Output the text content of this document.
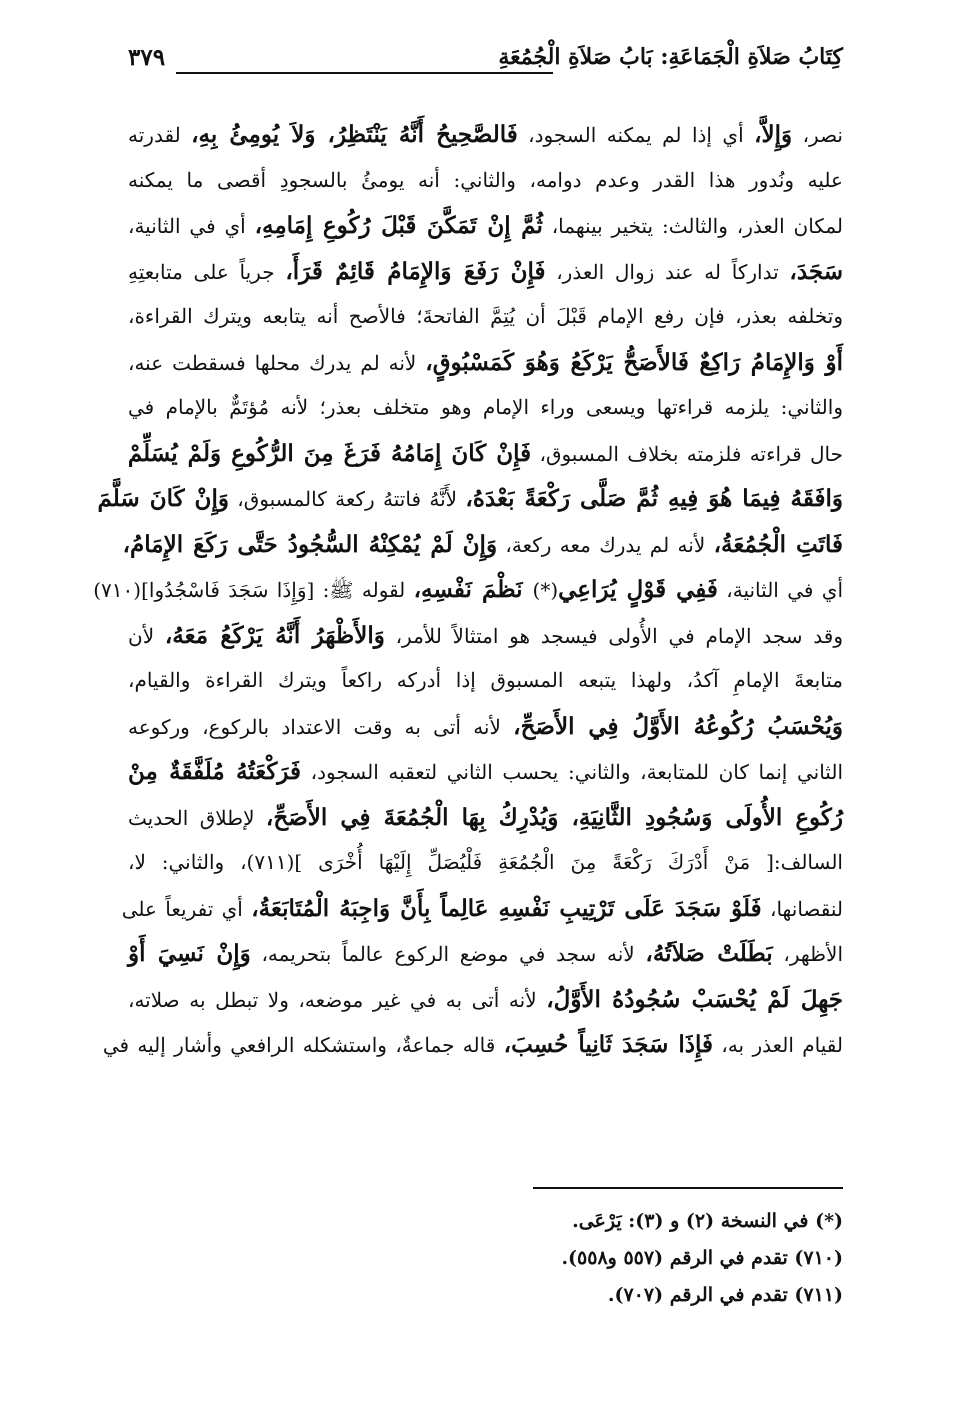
كِتَابُ صَلاَةِ الْجَمَاعَةِ: بَابُ صَلاَةِ الْجُمُعَةِ
٣٧٩
نصر، وَإِلاَّ، أي إذا لم يمكنه السجود، فَالصَّحِيحُ أَنَّهُ يَنْتَظِرُ، وَلاَ يُومِئُ بِهِ، لقدرته
عليه ونُدور هذا القدر وعدم دوامه، والثاني: أنه يومئُ بالسجودِ أقصى ما يمكنه
لمكان العذر، والثالث: يتخير بينهما، ثُمَّ إِنْ تَمَكَّنَ قَبْلَ رُكُوعِ إِمَامِهِ، أي في الثانية،
سَجَدَ، تداركاً له عند زوال العذر، فَإِنْ رَفَعَ وَالإِمَامُ قَائِمٌ قَرَأَ، جرياً على متابعتِهِ
وتخلفه بعذر، فإن رفع الإمام قَبْلَ أن يُتِمَّ الفاتحةَ؛ فالأصح أنه يتابعه ويترك القراءة،
أَوْ وَالإِمَامُ رَاكِعٌ فَالأَصَحُّ يَرْكَعُ وَهُوَ كَمَسْبُوقٍ، لأنه لم يدرك محلها فسقطت عنه،
والثاني: يلزمه قراءتها ويسعى وراء الإمام وهو متخلف بعذر؛ لأنه مُؤتَمٌّ بالإمام في
حال قراءته فلزمته بخلاف المسبوق، فَإِنْ كَانَ إِمَامُهُ فَرَغَ مِنَ الرُّكُوعِ وَلَمْ يُسَلِّمْ
وَافَقَهُ فِيمَا هُوَ فِيهِ ثُمَّ صَلَّى رَكْعَةً بَعْدَهُ، لأَنَّهُ فاتتهُ ركعة كالمسبوق، وَإِنْ كَانَ سَلَّمَ
فَاتَتِ الْجُمُعَةُ، لأنه لم يدرك معه ركعة، وَإِنْ لَمْ يُمْكِنْهُ السُّجُودُ حَتَّى رَكَعَ الإِمَامُ،
أي في الثانية، فَفِي قَوْلٍ يُرَاعِي(*) نَظْمَ نَفْسِهِ، لقوله ﷺ: [وَإِذَا سَجَدَ فَاسْجُدُوا](٧١٠)
وقد سجد الإمام في الأُولى فيسجد هو امتثالاً للأمر، وَالأَظْهَرُ أَنَّهُ يَرْكَعُ مَعَهُ، لأن
متابعةَ الإمامِ آكدُ، ولهذا يتبعه المسبوق إذا أدركه راكعاً ويترك القراءة والقيام،
وَيُحْسَبُ رُكُوعُهُ الأَوَّلُ فِي الأَصَحِّ، لأنه أتى به وقت الاعتداد بالركوع، وركوعه
الثاني إنما كان للمتابعة، والثاني: يحسب الثاني لتعقبه السجود، فَرَكْعَتُهُ مُلَفَّقَةٌ مِنْ
رُكُوعِ الأُولَى وَسُجُودِ الثَّانِيَةِ، وَيُدْرِكُ بِهَا الْجُمُعَةَ فِي الأَصَحِّ، لإطلاق الحديث
السالف:[ مَنْ أَدْرَكَ رَكْعَةً مِنَ الْجُمُعَةِ فَلْيُصَلِّ إِلَيْهَا أُخْرَى ](٧١١)، والثاني: لا،
لنقصانها، فَلَوْ سَجَدَ عَلَى تَرْتِيبِ نَفْسِهِ عَالِماً بِأَنَّ وَاجِبَهُ الْمُتَابَعَةُ، أي تفريعاً على
الأظهر، بَطَلَتْ صَلاَتُهُ، لأنه سجد في موضع الركوع عالماً بتحريمه، وَإِنْ نَسِيَ أَوْ
جَهِلَ لَمْ يُحْسَبْ سُجُودُهُ الأَوَّلُ، لأنه أتى به في غير موضعه، ولا تبطل به صلاته،
لقيام العذر به، فَإِذَا سَجَدَ ثَانِياً حُسِبَ، قاله جماعةٌ، واستشكله الرافعي وأشار إليه في
(*) في النسخة (٢) و (٣): يَرْعَى.
(٧١٠) تقدم في الرقم (٥٥٧ و٥٥٨).
(٧١١) تقدم في الرقم (٧٠٧).
